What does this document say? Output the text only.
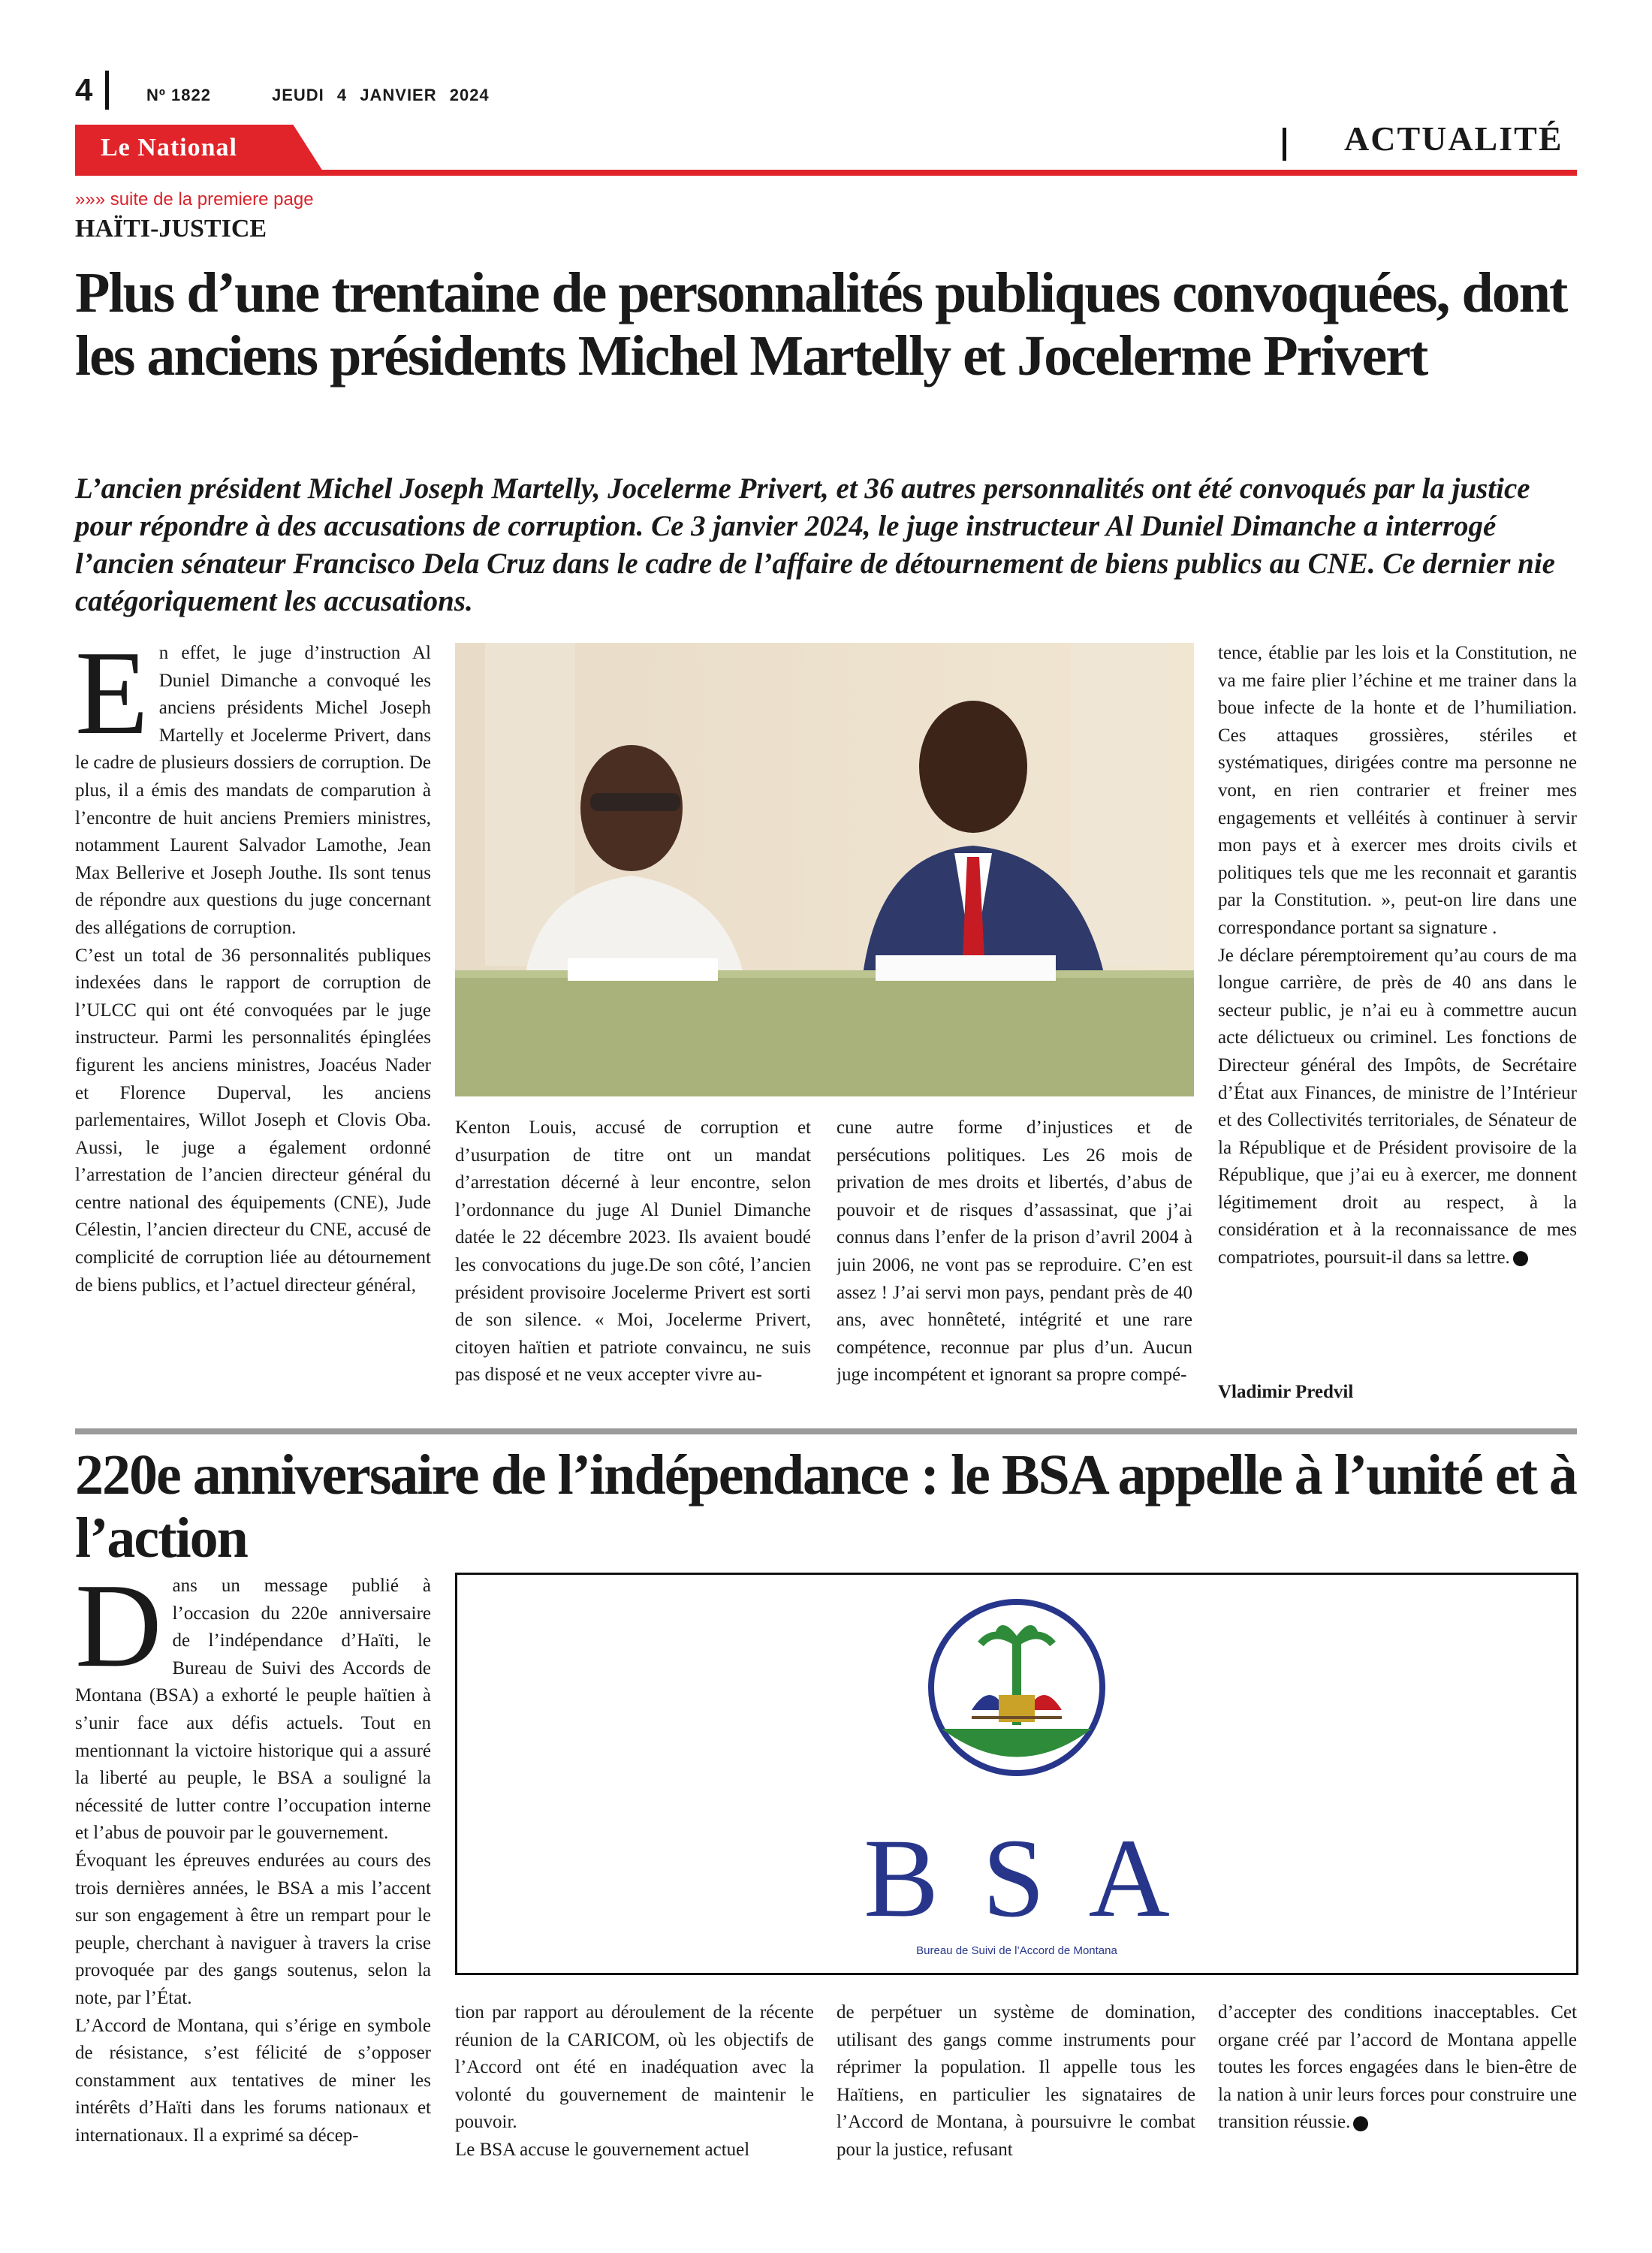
4	Nº 1822	JEUDI 4 JANVIER 2024
Le National	ACTUALITÉ
»»» suite de la premiere page
HAÏTI-JUSTICE
Plus d’une trentaine de personnalités publiques convoquées, dont les anciens présidents Michel Martelly et Jocelerme Privert

L’ancien président Michel Joseph Martelly, Jocelerme Privert, et 36 autres personnalités ont été convoqués par la justice pour répondre à des accusations de corruption. Ce 3 janvier 2024, le juge instructeur Al Duniel Dimanche a interrogé l’ancien sénateur Francisco Dela Cruz dans le cadre de l’affaire de détournement de biens publics au CNE. Ce dernier nie catégoriquement les accusations.

E n effet, le juge d’instruction Al Duniel Dimanche a convoqué les anciens présidents Michel Joseph Martelly et Jocelerme Privert, dans le cadre de plusieurs dossiers de corruption. De plus, il a émis des mandats de comparution à l’encontre de huit anciens Premiers ministres, notamment Laurent Salvador Lamothe, Jean Max Bellerive et Joseph Jouthe. Ils sont tenus de répondre aux questions du juge concernant des allégations de corruption.

C’est un total de 36 personnalités publiques indexées dans le rapport de corruption de l’ULCC qui ont été convoquées par le juge instructeur. Parmi les personnalités épinglées figurent les anciens ministres, Joacéus Nader et Florence Duperval, les anciens parlementaires, Willot Joseph et Clovis Oba. Aussi, le juge a également ordonné l’arrestation de l’ancien directeur général du centre national des équipements (CNE), Jude Célestin, l’ancien directeur du CNE, accusé de complicité de corruption liée au détournement de biens publics, et l’actuel directeur général,

Kenton Louis, accusé de corruption et d’usurpation de titre ont un mandat d’arrestation décerné à leur encontre, selon l’ordonnance du juge Al Duniel Dimanche datée le 22 décembre 2023. Ils avaient boudé les convocations du juge.De son côté, l’ancien président provisoire Jocelerme Privert est sorti de son silence. « Moi, Jocelerme Privert, citoyen haïtien et patriote convaincu, ne suis pas disposé et ne veux accepter vivre au-

cune autre forme d’injustices et de persécutions politiques. Les 26 mois de privation de mes droits et libertés, d’abus de pouvoir et de risques d’assassinat, que j’ai connus dans l’enfer de la prison d’avril 2004 à juin 2006, ne vont pas se reproduire. C’en est assez ! J’ai servi mon pays, pendant près de 40 ans, avec honnêteté, intégrité et une rare compétence, reconnue par plus d’un. Aucun juge incompétent et ignorant sa propre compé-

tence, établie par les lois et la Constitution, ne va me faire plier l’échine et me trainer dans la boue infecte de la honte et de l’humiliation. Ces attaques grossières, stériles et systématiques, dirigées contre ma personne ne vont, en rien contrarier et freiner mes engagements et velléités à continuer à servir mon pays et à exercer mes droits civils et politiques tels que me les reconnait et garantis par la Constitution. », peut-on lire dans une correspondance portant sa signature .

Je déclare péremptoirement qu’au cours de ma longue carrière, de près de 40 ans dans le secteur public, je n’ai eu à commettre aucun acte délictueux ou criminel. Les fonctions de Directeur général des Impôts, de Secrétaire d’État aux Finances, de ministre de l’Intérieur et des Collectivités territoriales, de Sénateur de la République et de Président provisoire de la République, que j’ai eu à exercer, me donnent légitimement droit au respect, à la considération et à la reconnaissance de mes compatriotes, poursuit-il dans sa lettre.

Vladimir Predvil
220e anniversaire de l’indépendance : le BSA appelle à l’unité et à l’action
D ans un message publié à l’occasion du 220e anniversaire de l’indépendance d’Haïti, le Bureau de Suivi des Accords de Montana (BSA) a exhorté le peuple haïtien à s’unir face aux défis actuels. Tout en mentionnant la victoire historique qui a assuré la liberté au peuple, le BSA a souligné la nécessité de lutter contre l’occupation interne et l’abus de pouvoir par le gouvernement.

Évoquant les épreuves endurées au cours des trois dernières années, le BSA a mis l’accent sur son engagement à être un rempart pour le peuple, cherchant à naviguer à travers la crise provoquée par des gangs soutenus, selon la note, par l’État.

L’Accord de Montana, qui s’érige en symbole de résistance, s’est félicité de s’opposer constamment aux tentatives de miner les intérêts d’Haïti dans les forums nationaux et internationaux. Il a exprimé sa décep-

BSA
Bureau de Suivi de l’Accord de Montana

tion par rapport au déroulement de la récente réunion de la CARICOM, où les objectifs de l’Accord ont été en inadéquation avec la volonté du gouvernement de maintenir le pouvoir.

Le BSA accuse le gouvernement actuel

de perpétuer un système de domination, utilisant des gangs comme instruments pour réprimer la population. Il appelle tous les Haïtiens, en particulier les signataires de l’Accord de Montana, à poursuivre le combat pour la justice, refusant

d’accepter des conditions inacceptables. Cet organe créé par l’accord de Montana appelle toutes les forces engagées dans le bien-être de la nation à unir leurs forces pour construire une transition réussie.
